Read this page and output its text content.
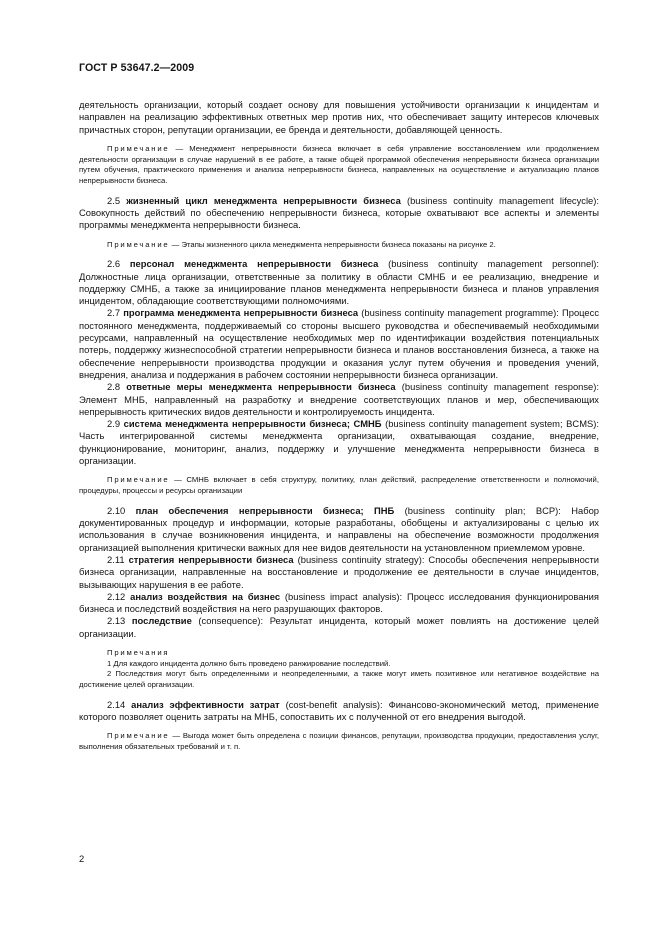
ГОСТ Р 53647.2—2009

деятельность организации, который создает основу для повышения устойчивости организации к инцидентам и направлен на реализацию эффективных ответных мер против них, что обеспечивает защиту интересов ключевых причастных сторон, репутации организации, ее бренда и деятельности, добавляющей ценность.

Примечание — Менеджмент непрерывности бизнеса включает в себя управление восстановлением или продолжением деятельности организации в случае нарушений в ее работе, а также общей программой обеспечения непрерывности бизнеса организации путем обучения, практического применения и анализа непрерывности бизнеса, направленных на осуществление и актуализацию планов непрерывности бизнеса.

2.5 жизненный цикл менеджмента непрерывности бизнеса (business continuity management lifecycle): Совокупность действий по обеспечению непрерывности бизнеса, которые охватывают все аспекты и элементы программы менеджмента непрерывности бизнеса.

Примечание — Этапы жизненного цикла менеджмента непрерывности бизнеса показаны на рисунке 2.

2.6 персонал менеджмента непрерывности бизнеса (business continuity management personnel): Должностные лица организации, ответственные за политику в области СМНБ и ее реализацию, внедрение и поддержку СМНБ, а также за инициирование планов менеджмента непрерывности бизнеса и планов управления инцидентом, обладающие соответствующими полномочиями.

2.7 программа менеджмента непрерывности бизнеса (business continuity management programme): Процесс постоянного менеджмента, поддерживаемый со стороны высшего руководства и обеспечиваемый необходимыми ресурсами, направленный на осуществление необходимых мер по идентификации воздействия потенциальных потерь, поддержку жизнеспособной стратегии непрерывности бизнеса и планов восстановления бизнеса, а также на обеспечение непрерывности производства продукции и оказания услуг путем обучения и проведения учений, внедрения, анализа и поддержания в рабочем состоянии непрерывности бизнеса организации.

2.8 ответные меры менеджмента непрерывности бизнеса (business continuity management response): Элемент МНБ, направленный на разработку и внедрение соответствующих планов и мер, обеспечивающих непрерывность критических видов деятельности и контролируемость инцидента.

2.9 система менеджмента непрерывности бизнеса; СМНБ (business continuity management system; BCMS): Часть интегрированной системы менеджмента организации, охватывающая создание, внедрение, функционирование, мониторинг, анализ, поддержку и улучшение менеджмента непрерывности бизнеса в организации.

Примечание — СМНБ включает в себя структуру, политику, план действий, распределение ответственности и полномочий, процедуры, процессы и ресурсы организации

2.10 план обеспечения непрерывности бизнеса; ПНБ (business continuity plan; BCP): Набор документированных процедур и информации, которые разработаны, обобщены и актуализированы с целью их использования в случае возникновения инцидента, и направлены на обеспечение возможности продолжения организацией выполнения критически важных для нее видов деятельности на установленном приемлемом уровне.

2.11 стратегия непрерывности бизнеса (business continuity strategy): Способы обеспечения непрерывности бизнеса организации, направленные на восстановление и продолжение ее деятельности в случае инцидентов, вызывающих нарушения в ее работе.

2.12 анализ воздействия на бизнес (business impact analysis): Процесс исследования функционирования бизнеса и последствий воздействия на него разрушающих факторов.

2.13 последствие (consequence): Результат инцидента, который может повлиять на достижение целей организации.

Примечания

1 Для каждого инцидента должно быть проведено ранжирование последствий.

2 Последствия могут быть определенными и неопределенными, а также могут иметь позитивное или негативное воздействие на достижение целей организации.

2.14 анализ эффективности затрат (cost-benefit analysis): Финансово-экономический метод, применение которого позволяет оценить затраты на МНБ, сопоставить их с полученной от его внедрения выгодой.

Примечание — Выгода может быть определена с позиции финансов, репутации, производства продукции, предоставления услуг, выполнения обязательных требований и т. п.

2
